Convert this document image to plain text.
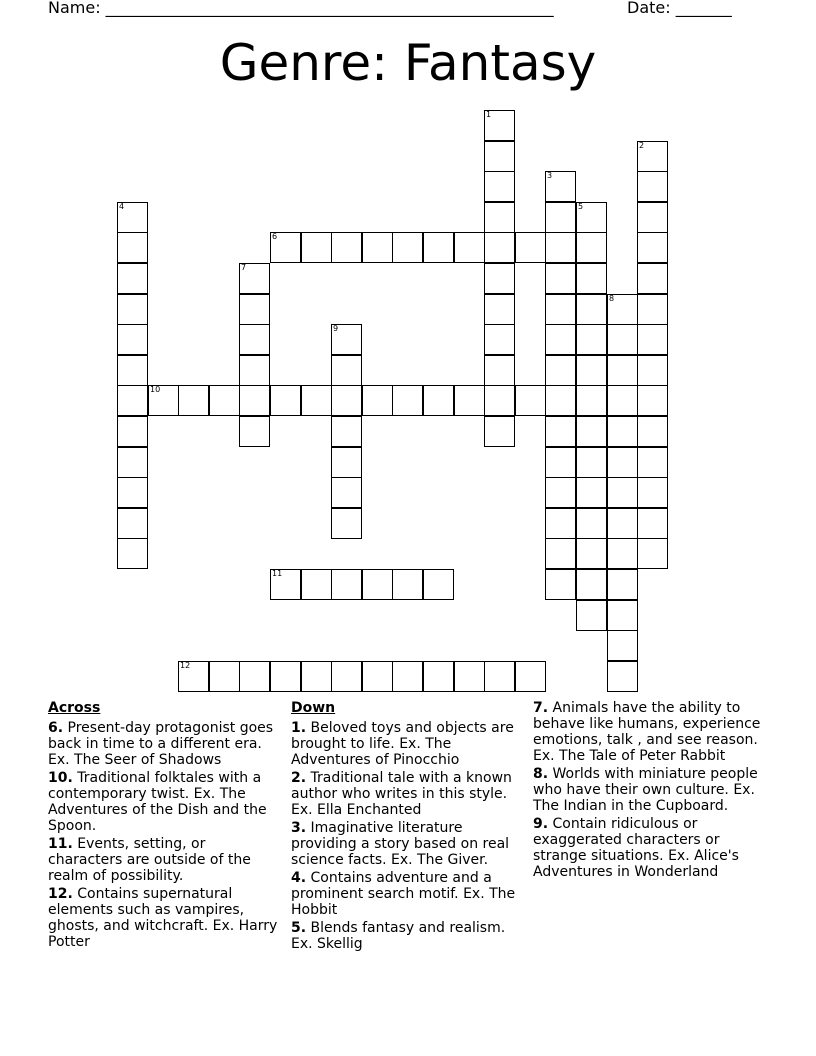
Name: ________________________________________________________	Date: _______
Genre: Fantasy
6
10
11
12
1
2
3
4	5
7
8
9
Across
6. Present-day protagonist goes back in time to a different era. Ex. The Seer of Shadows
10. Traditional folktales with a contemporary twist. Ex. The Adventures of the Dish and the Spoon.
11. Events, setting, or characters are outside of the realm of possibility.
12. Contains supernatural elements such as vampires, ghosts, and witchcraft. Ex. Harry Potter
Down
1. Beloved toys and objects are brought to life. Ex. The Adventures of Pinocchio
2. Traditional tale with a known author who writes in this style. Ex. Ella Enchanted
3. Imaginative literature providing a story based on real science facts. Ex. The Giver.
4. Contains adventure and a prominent search motif. Ex. The Hobbit
5. Blends fantasy and realism. Ex. Skellig
7. Animals have the ability to behave like humans, experience emotions, talk , and see reason. Ex. The Tale of Peter Rabbit
8. Worlds with miniature people who have their own culture. Ex. The Indian in the Cupboard.
9. Contain ridiculous or exaggerated characters or strange situations. Ex. Alice's Adventures in Wonderland
